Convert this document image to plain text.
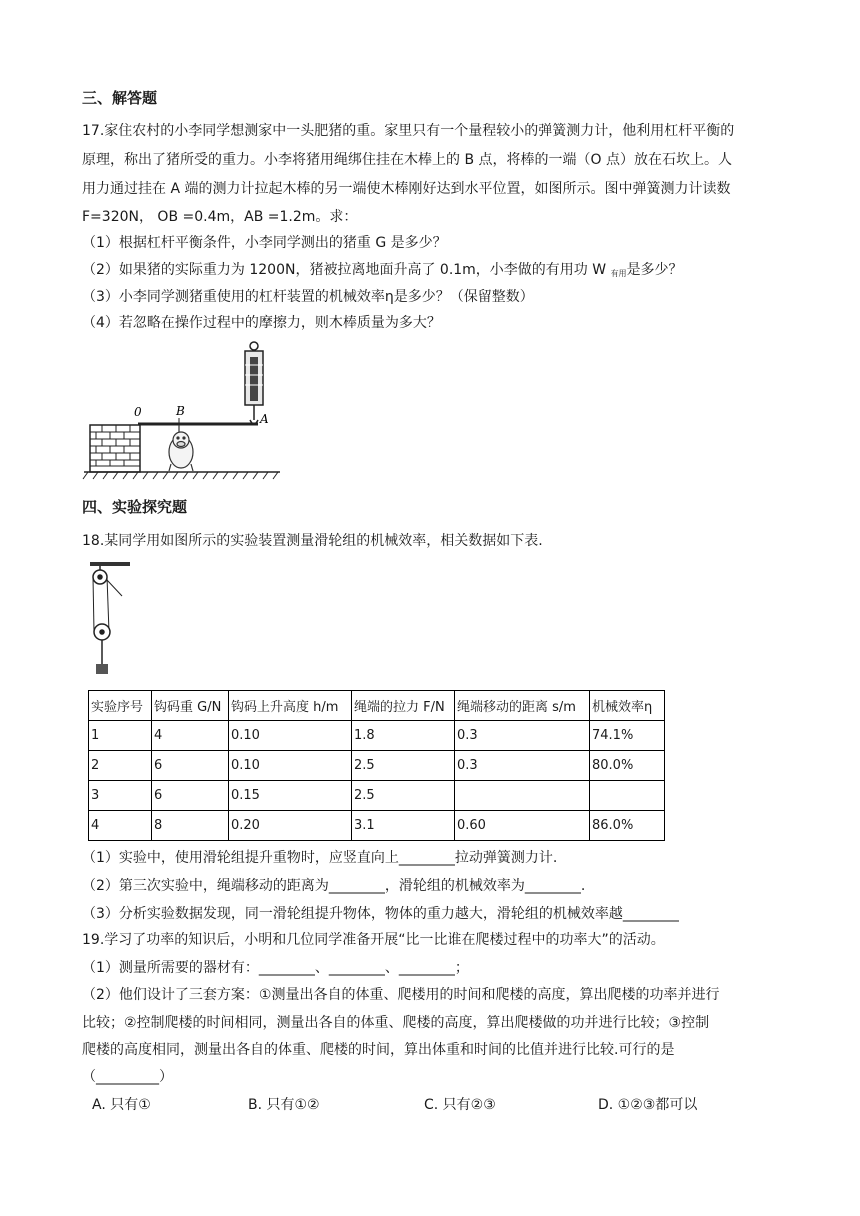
三、解答题
17.家住农村的小李同学想测家中一头肥猪的重。家里只有一个量程较小的弹簧测力计，他利用杠杆平衡的
原理，称出了猪所受的重力。小李将猪用绳绑住挂在木棒上的 B 点，将棒的一端（O 点）放在石坎上。人
用力通过挂在 A 端的测力计拉起木棒的另一端使木棒刚好达到水平位置，如图所示。图中弹簧测力计读数
F=320N， OB =0.4m，AB =1.2m。求：
（1）根据杠杆平衡条件，小李同学测出的猪重 G 是多少？
（2）如果猪的实际重力为 1200N，猪被拉离地面升高了 0.1m，小李做的有用功 W $_{有用}$是多少？
（3）小李同学测猪重使用的杠杆装置的机械效率η是多少？（保留整数）
（4）若忽略在操作过程中的摩擦力，则木棒质量为多大？
0	B
A
四、实验探究题
18.某同学用如图所示的实验装置测量滑轮组的机械效率，相关数据如下表.
实验序号	钩码重 G/N	钩码上升高度 h/m	绳端的拉力 F/N	绳端移动的距离 s/m	机械效率η
1	4	0.10	1.8	0.3	74.1%
2	6	0.10	2.5	0.3	80.0%
3	6	0.15	2.5		
4	8	0.20	3.1	0.60	86.0%
（1）实验中，使用滑轮组提升重物时，应竖直向上________拉动弹簧测力计.
（2）第三次实验中，绳端移动的距离为________，滑轮组的机械效率为________.
（3）分析实验数据发现，同一滑轮组提升物体，物体的重力越大，滑轮组的机械效率越________
19.学习了功率的知识后，小明和几位同学准备开展“比一比谁在爬楼过程中的功率大”的活动。
（1）测量所需要的器材有：________、________、________；
（2）他们设计了三套方案：①测量出各自的体重、爬楼用的时间和爬楼的高度，算出爬楼的功率并进行
比较；②控制爬楼的时间相同，测量出各自的体重、爬楼的高度，算出爬楼做的功并进行比较；③控制
爬楼的高度相同，测量出各自的体重、爬楼的时间，算出体重和时间的比值并进行比较.可行的是
（_________）
A. 只有①	B. 只有①②	C. 只有②③	D. ①②③都可以
